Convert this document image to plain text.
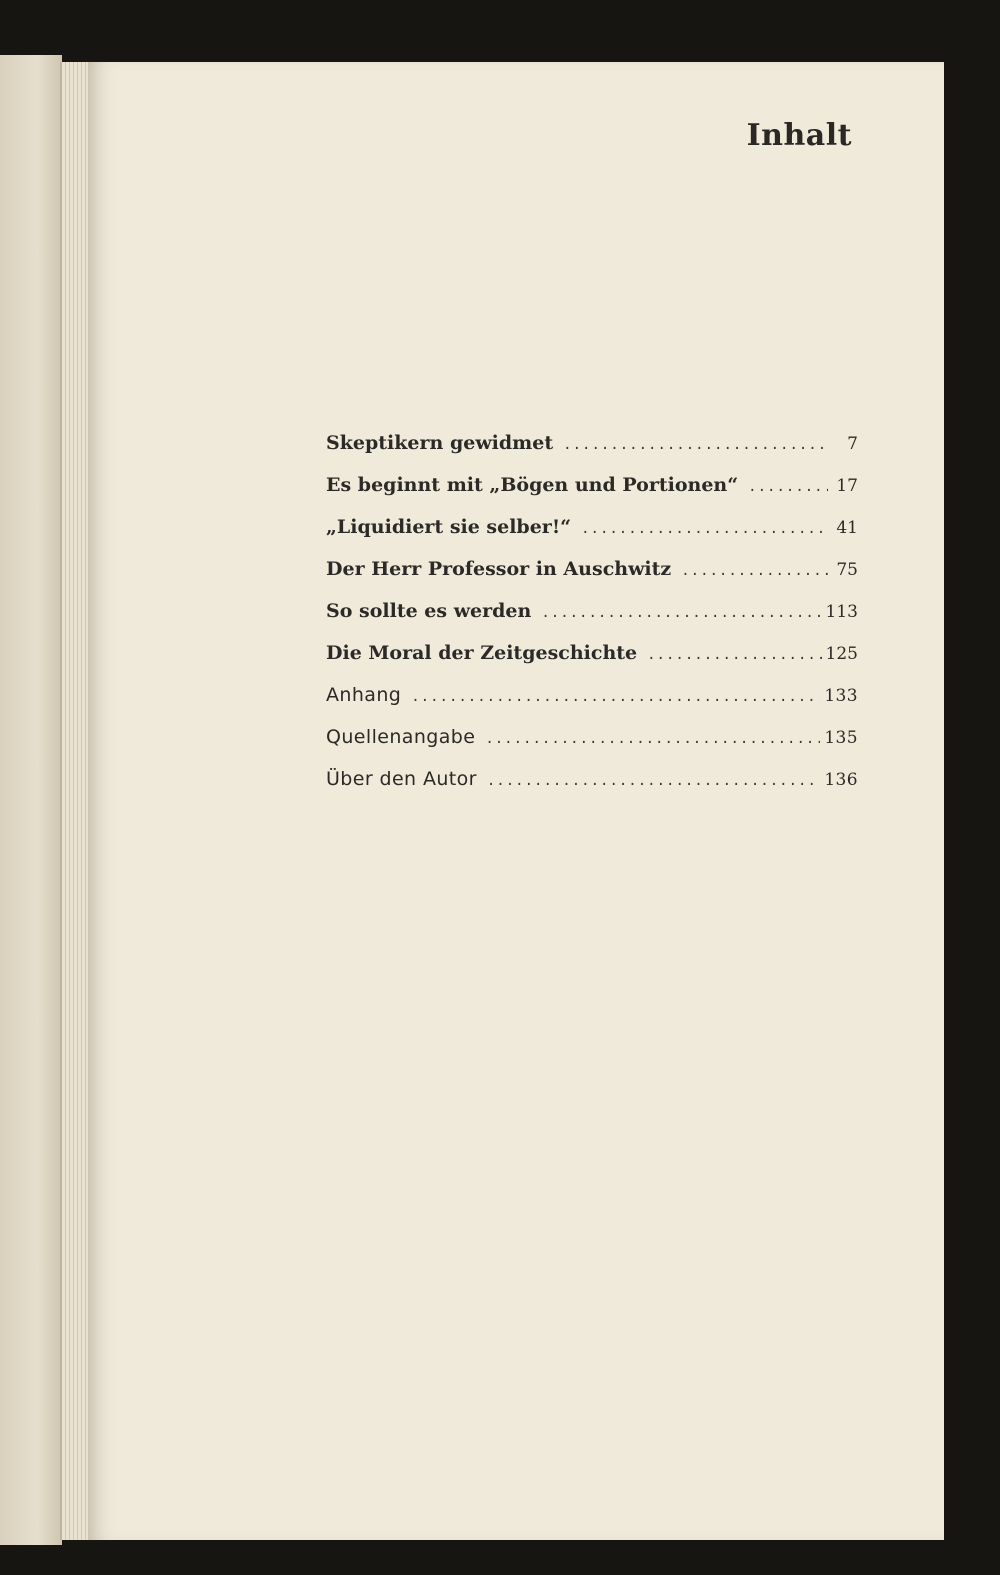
Inhalt
Skeptikern gewidmet .....	7
Es beginnt mit „Bögen und Portionen“ .....	17
„Liquidiert sie selber!“ .....	41
Der Herr Professor in Auschwitz .....	75
So sollte es werden .....	113
Die Moral der Zeitgeschichte .....	125
Anhang .....	133
Quellenangabe .....	135
Über den Autor .....	136
